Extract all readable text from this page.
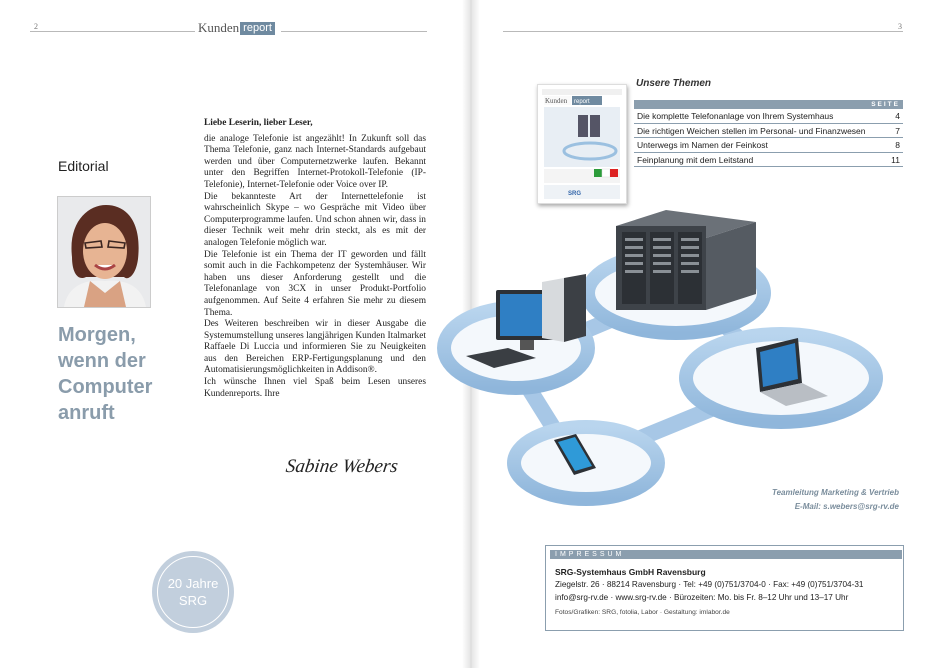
2	3
Kunden report
Editorial
Morgen,
wenn der
Computer
anruft

Liebe Leserin, lieber Leser,

die analoge Telefonie ist angezählt! In Zukunft soll das Thema Telefonie, ganz nach Internet-Standards aufgebaut werden und über Computernetzwerke laufen. Bekannt unter den Begriffen Internet-Protokoll-Telefonie (IP-Telefonie), Internet-Telefonie oder Voice over IP.

Die bekannteste Art der Internettelefonie ist wahrscheinlich Skype – wo Gespräche mit Video über Computerprogramme laufen. Und schon ahnen wir, dass in dieser Technik weit mehr drin steckt, als es mit der analogen Telefonie möglich war.

Die Telefonie ist ein Thema der IT geworden und fällt somit auch in die Fachkompetenz der Systemhäuser. Wir haben uns dieser Anforderung gestellt und die Telefonanlage von 3CX in unser Produkt-Portfolio aufgenommen. Auf Seite 4 erfahren Sie mehr zu diesem Thema.

Des Weiteren beschreiben wir in dieser Ausgabe die Systemumstellung unseres langjährigen Kunden Italmarket Raffaele Di Luccia und informieren Sie zu Neuigkeiten aus den Bereichen ERP-Fertigungsplanung und den Automatisierungsmöglichkeiten in Addison®.

Ich wünsche Ihnen viel Spaß beim Lesen unseres Kundenreports. Ihre

Sabine Webers
Teamleitung Marketing & Vertrieb
E-Mail: s.webers@srg-rv.de
20 Jahre
SRG
Kunden report
SRG
Unsere Themen
SEITE
Die komplette Telefonanlage von Ihrem Systemhaus	4
Die richtigen Weichen stellen im Personal- und Finanzwesen	7
Unterwegs im Namen der Feinkost	8
Feinplanung mit dem Leitstand	11
IMPRESSUM
SRG-Systemhaus GmbH Ravensburg
Ziegelstr. 26 · 88214 Ravensburg · Tel: +49 (0)751/3704-0 · Fax: +49 (0)751/3704-31
info@srg-rv.de · www.srg-rv.de · Bürozeiten: Mo. bis Fr. 8–12 Uhr und 13–17 Uhr
Fotos/Grafiken: SRG, fotolia, Labor · Gestaltung: imlabor.de
